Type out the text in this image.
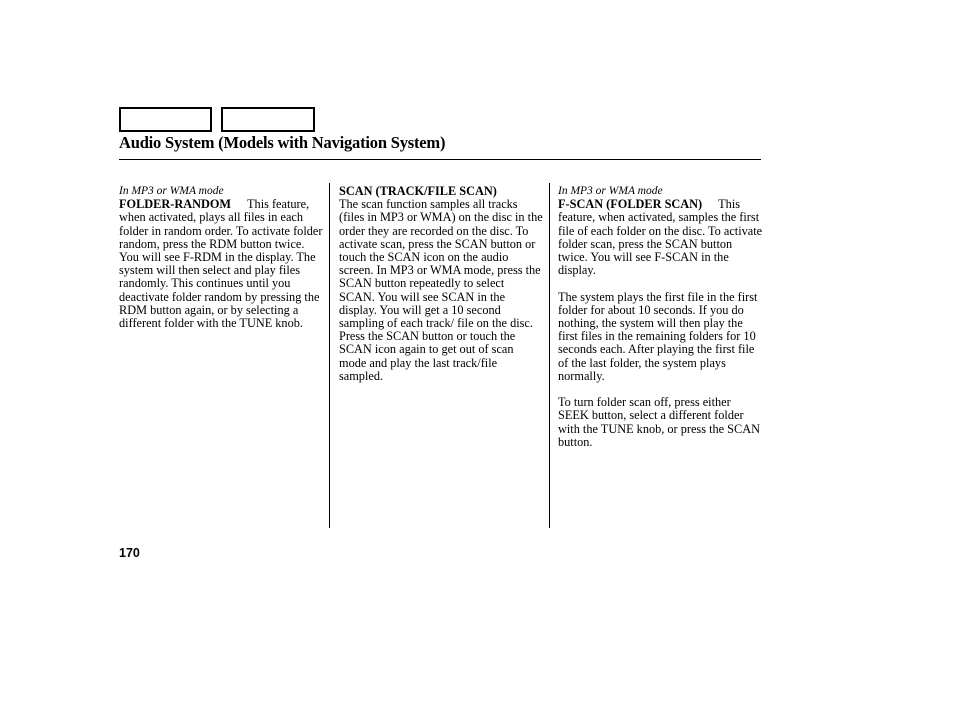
Audio System (Models with Navigation System)
In MP3 or WMA mode

FOLDER-RANDOM This feature, when activated, plays all files in each folder in random order. To activate folder random, press the RDM button twice. You will see F-RDM in the display. The system will then select and play files randomly. This continues until you deactivate folder random by pressing the RDM button again, or by selecting a different folder with the TUNE knob.

SCAN (TRACK/FILE SCAN)

The scan function samples all tracks (files in MP3 or WMA) on the disc in the order they are recorded on the disc. To activate scan, press the SCAN button or touch the SCAN icon on the audio screen. In MP3 or WMA mode, press the SCAN button repeatedly to select SCAN. You will see SCAN in the display. You will get a 10 second sampling of each track/ file on the disc. Press the SCAN button or touch the SCAN icon again to get out of scan mode and play the last track/file sampled.

In MP3 or WMA mode

F-SCAN (FOLDER SCAN) This feature, when activated, samples the first file of each folder on the disc. To activate folder scan, press the SCAN button twice. You will see F-SCAN in the display.

The system plays the first file in the first folder for about 10 seconds. If you do nothing, the system will then play the first files in the remaining folders for 10 seconds each. After playing the first file of the last folder, the system plays normally.

To turn folder scan off, press either SEEK button, select a different folder with the TUNE knob, or press the SCAN button.

170
